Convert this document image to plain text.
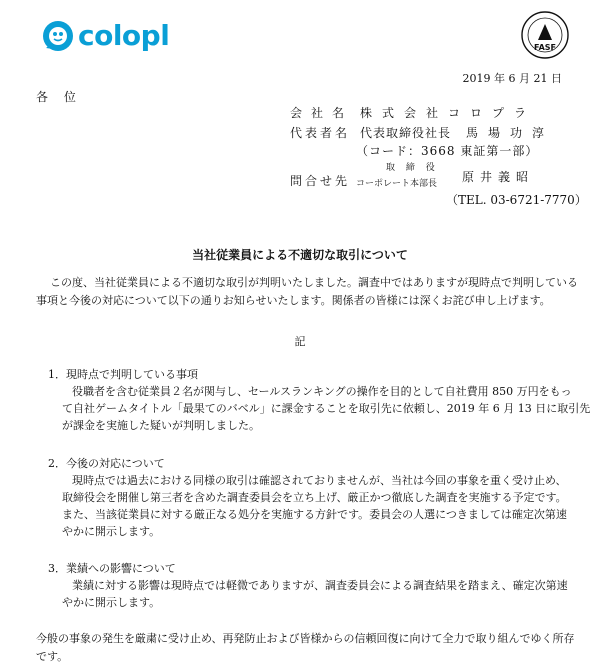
colopl	FASF
2019 年 6 月 21 日
各 位
会社名 株式会社コロプラ
代表者名 代表取締役社長 馬場功淳
（コード：3668 東証第一部）
問合せ先
取 締 役
コーポレート本部長 原井義昭
（TEL. 03-6721-7770）
当社従業員による不適切な取引について
この度、当社従業員による不適切な取引が判明いたしました。調査中ではありますが現時点で判明している
事項と今後の対応について以下の通りお知らせいたします。関係者の皆様には深くお詫び申し上げます。
記
1．現時点で判明している事項
役職者を含む従業員２名が関与し、セールスランキングの操作を目的として自社費用 850 万円をもっ
て自社ゲームタイトル「最果てのバベル」に課金することを取引先に依頼し、2019 年 6 月 13 日に取引先
が課金を実施した疑いが判明しました。
2．今後の対応について
現時点では過去における同様の取引は確認されておりませんが、当社は今回の事象を重く受け止め、
取締役会を開催し第三者を含めた調査委員会を立ち上げ、厳正かつ徹底した調査を実施する予定です。
また、当該従業員に対する厳正なる処分を実施する方針です。委員会の人選につきましては確定次第速
やかに開示します。
3．業績への影響について
業績に対する影響は現時点では軽微でありますが、調査委員会による調査結果を踏まえ、確定次第速
やかに開示します。
今般の事象の発生を厳粛に受け止め、再発防止および皆様からの信頼回復に向けて全力で取り組んでゆく所存
です。
